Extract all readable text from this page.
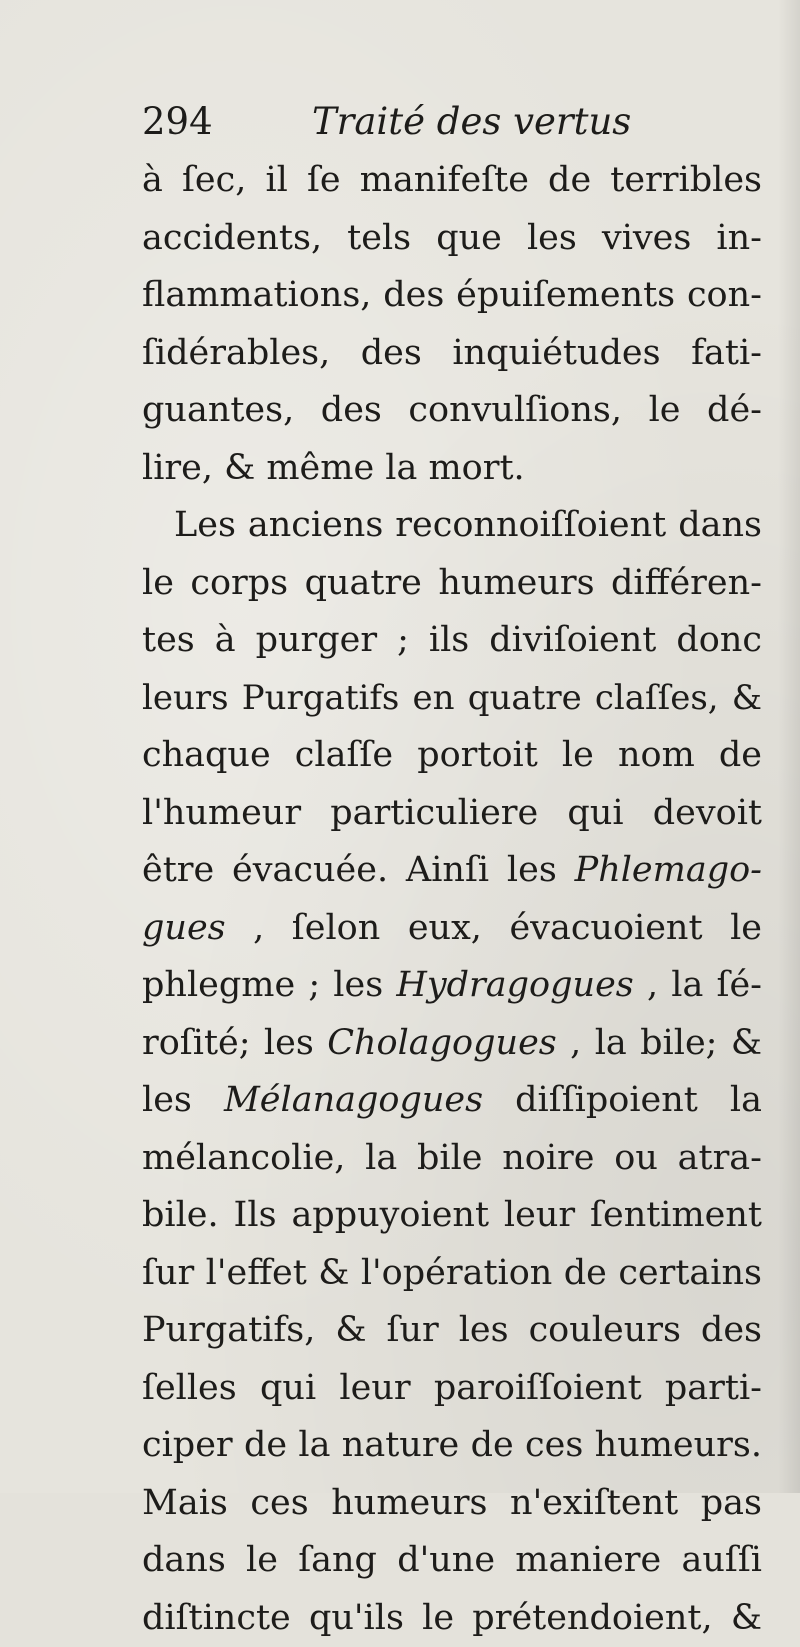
294	Traité des vertus
à ſec, il ſe manifeſte de terribles
accidents, tels que les vives in-
flammations, des épuiſements con-
ſidérables, des inquiétudes fati-
guantes, des convulſions, le dé-
lire, & même la mort.
Les anciens reconnoiſſoient dans
le corps quatre humeurs différen-
tes à purger ; ils diviſoient donc
leurs Purgatifs en quatre claſſes, &
chaque claſſe portoit le nom de
l'humeur particuliere qui devoit
être évacuée. Ainſi les Phlemago-
gues , ſelon eux, évacuoient le
phlegme ; les Hydragogues , la ſé-
roſité; les Cholagogues , la bile; &
les Mélanagogues diſſipoient la
mélancolie, la bile noire ou atra-
bile. Ils appuyoient leur ſentiment
ſur l'effet & l'opération de certains
Purgatifs, & ſur les couleurs des
ſelles qui leur paroiſſoient parti-
ciper de la nature de ces humeurs.
Mais ces humeurs n'exiſtent pas
dans le ſang d'une maniere auſſi
diſtincte qu'ils le prétendoient, &
